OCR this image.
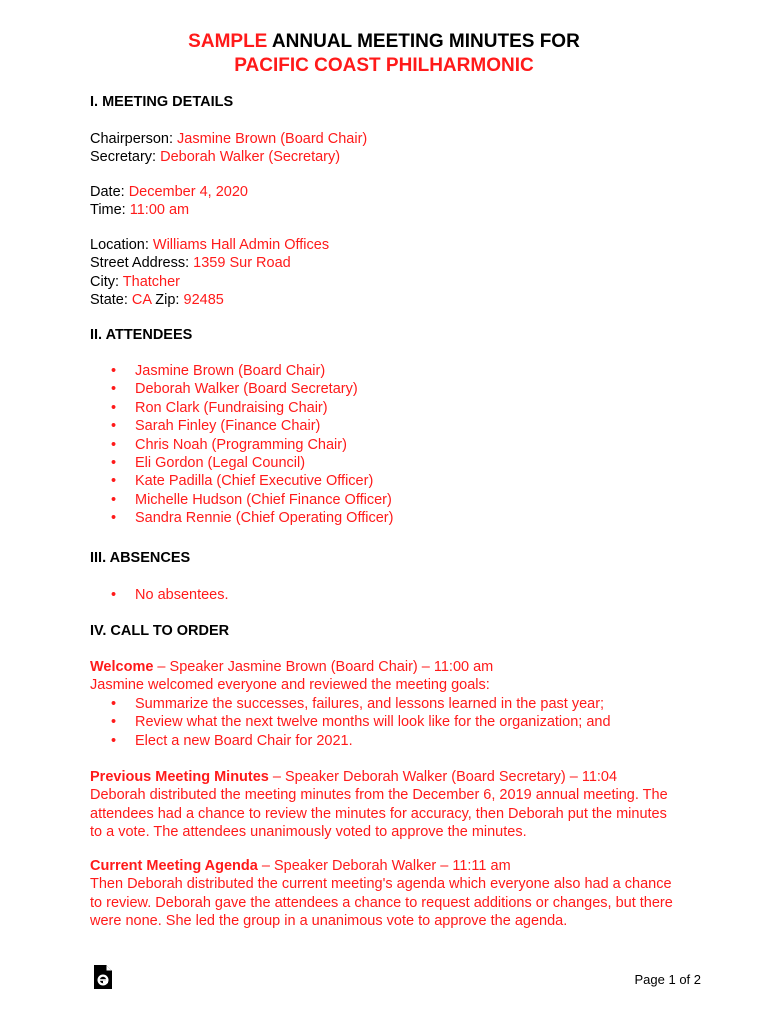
SAMPLE ANNUAL MEETING MINUTES FOR
PACIFIC COAST PHILHARMONIC
I. MEETING DETAILS
Chairperson: Jasmine Brown (Board Chair)
Secretary: Deborah Walker (Secretary)
Date: December 4, 2020
Time: 11:00 am
Location: Williams Hall Admin Offices
Street Address: 1359 Sur Road
City: Thatcher
State: CA Zip: 92485
II. ATTENDEES
• Jasmine Brown (Board Chair)
• Deborah Walker (Board Secretary)
• Ron Clark (Fundraising Chair)
• Sarah Finley (Finance Chair)
• Chris Noah (Programming Chair)
• Eli Gordon (Legal Council)
• Kate Padilla (Chief Executive Officer)
• Michelle Hudson (Chief Finance Officer)
• Sandra Rennie (Chief Operating Officer)
III. ABSENCES
• No absentees.
IV. CALL TO ORDER
Welcome – Speaker Jasmine Brown (Board Chair) – 11:00 am
Jasmine welcomed everyone and reviewed the meeting goals:
• Summarize the successes, failures, and lessons learned in the past year;
• Review what the next twelve months will look like for the organization; and
• Elect a new Board Chair for 2021.
Previous Meeting Minutes – Speaker Deborah Walker (Board Secretary) – 11:04
Deborah distributed the meeting minutes from the December 6, 2019 annual meeting. The attendees had a chance to review the minutes for accuracy, then Deborah put the minutes to a vote. The attendees unanimously voted to approve the minutes.
Current Meeting Agenda – Speaker Deborah Walker – 11:11 am
Then Deborah distributed the current meeting's agenda which everyone also had a chance to review. Deborah gave the attendees a chance to request additions or changes, but there were none. She led the group in a unanimous vote to approve the agenda.
Page 1 of 2
